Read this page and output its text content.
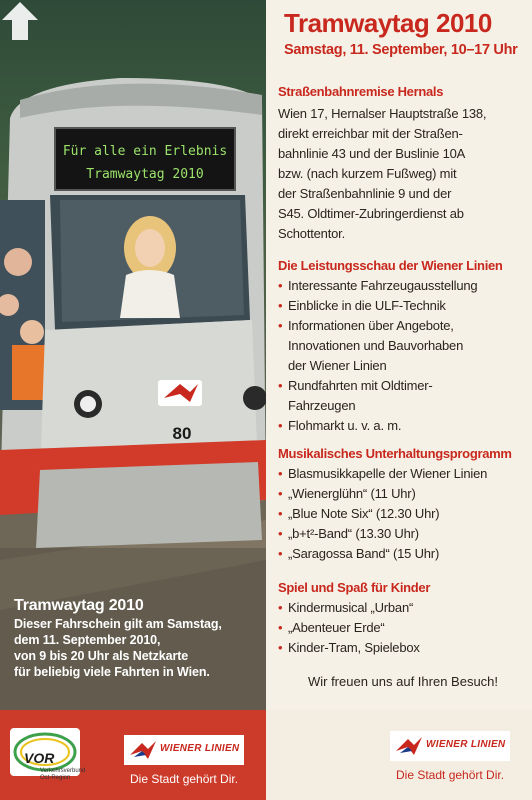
Für alle ein Erlebnis
Tramwaytag 2010
80
Tramwaytag 2010
Dieser Fahrschein gilt am Samstag,
dem 11. September 2010,
von 9 bis 20 Uhr als Netzkarte
für beliebig viele Fahrten in Wien.
VOR
Verkehrsverbund Ost-Region
WIENER LINIEN
Die Stadt gehört Dir.
Tramwaytag 2010
Samstag, 11. September, 10–17 Uhr
Straßenbahnremise Hernals
Wien 17, Hernalser Hauptstraße 138,
direkt erreichbar mit der Straßen-
bahnlinie 43 und der Buslinie 10A
bzw. (nach kurzem Fußweg) mit
der Straßenbahnlinie 9 und der
S45. Oldtimer-Zubringerdienst ab
Schottentor.
Die Leistungsschau der Wiener Linien
• Interessante Fahrzeugausstellung
• Einblicke in die ULF-Technik
• Informationen über Angebote,
Innovationen und Bauvorhaben
der Wiener Linien
• Rundfahrten mit Oldtimer-
Fahrzeugen
• Flohmarkt u. v. a. m.
Musikalisches Unterhaltungsprogramm
• Blasmusikkapelle der Wiener Linien
• „Wienerglühn“ (11 Uhr)
• „Blue Note Six“ (12.30 Uhr)
• „b+t²-Band“ (13.30 Uhr)
• „Saragossa Band“ (15 Uhr)
Spiel und Spaß für Kinder
• Kindermusical „Urban“
• „Abenteuer Erde“
• Kinder-Tram, Spielebox
Wir freuen uns auf Ihren Besuch!
WIENER LINIEN
Die Stadt gehört Dir.
